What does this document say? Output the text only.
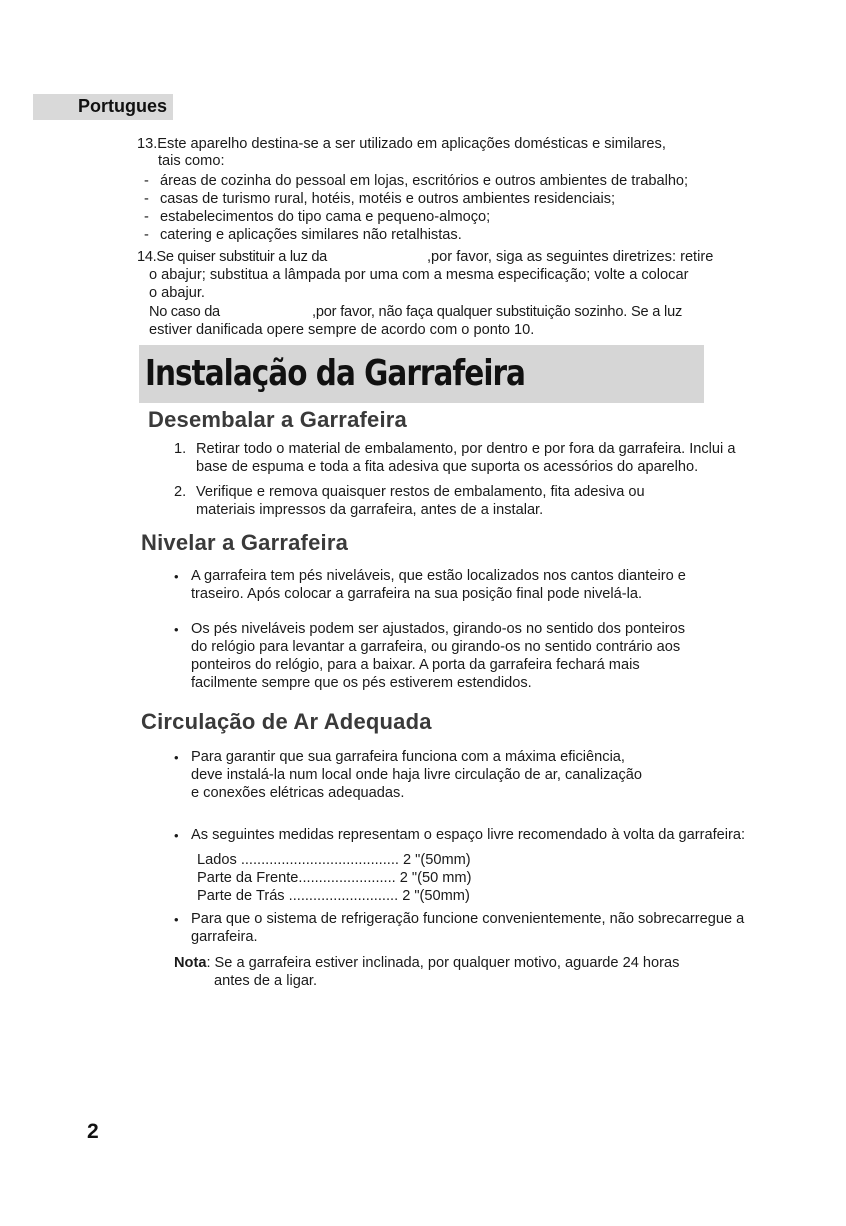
Portugues
13.Este aparelho destina-se a ser utilizado em aplicações domésticas e similares,
tais como:
- áreas de cozinha do pessoal em lojas, escritórios e outros ambientes de trabalho;
- casas de turismo rural, hotéis, motéis e outros ambientes residenciais;
- estabelecimentos do tipo cama e pequeno-almoço;
- catering e aplicações similares não retalhistas.
14.Se quiser substituir a luz da	,por favor, siga as seguintes diretrizes: retire
o abajur; substitua a lâmpada por uma com a mesma especificação; volte a colocar
o abajur.
No caso da	,por favor, não faça qualquer substituição sozinho. Se a luz
estiver danificada opere sempre de acordo com o ponto 10.
Instalação da Garrafeira
Desembalar a Garrafeira
1. Retirar todo o material de embalamento, por dentro e por fora da garrafeira. Inclui a
base de espuma e toda a fita adesiva que suporta os acessórios do aparelho.
2. Verifique e remova quaisquer restos de embalamento, fita adesiva ou
materiais impressos da garrafeira, antes de a instalar.
Nivelar a Garrafeira
• A garrafeira tem pés niveláveis, que estão localizados nos cantos dianteiro e
traseiro. Após colocar a garrafeira na sua posição final pode nivelá-la.
• Os pés niveláveis podem ser ajustados, girando-os no sentido dos ponteiros
do relógio para levantar a garrafeira, ou girando-os no sentido contrário aos
ponteiros do relógio, para a baixar. A porta da garrafeira fechará mais
facilmente sempre que os pés estiverem estendidos.
Circulação de Ar Adequada
• Para garantir que sua garrafeira funciona com a máxima eficiência,
deve instalá-la num local onde haja livre circulação de ar, canalização
e conexões elétricas adequadas.
• As seguintes medidas representam o espaço livre recomendado à volta da garrafeira:
Lados ....................................... 2 "(50mm)
Parte da Frente........................ 2 "(50 mm)
Parte de Trás ........................... 2 "(50mm)
• Para que o sistema de refrigeração funcione convenientemente, não sobrecarregue a
garrafeira.
Nota: Se a garrafeira estiver inclinada, por qualquer motivo, aguarde 24 horas
antes de a ligar.
2
